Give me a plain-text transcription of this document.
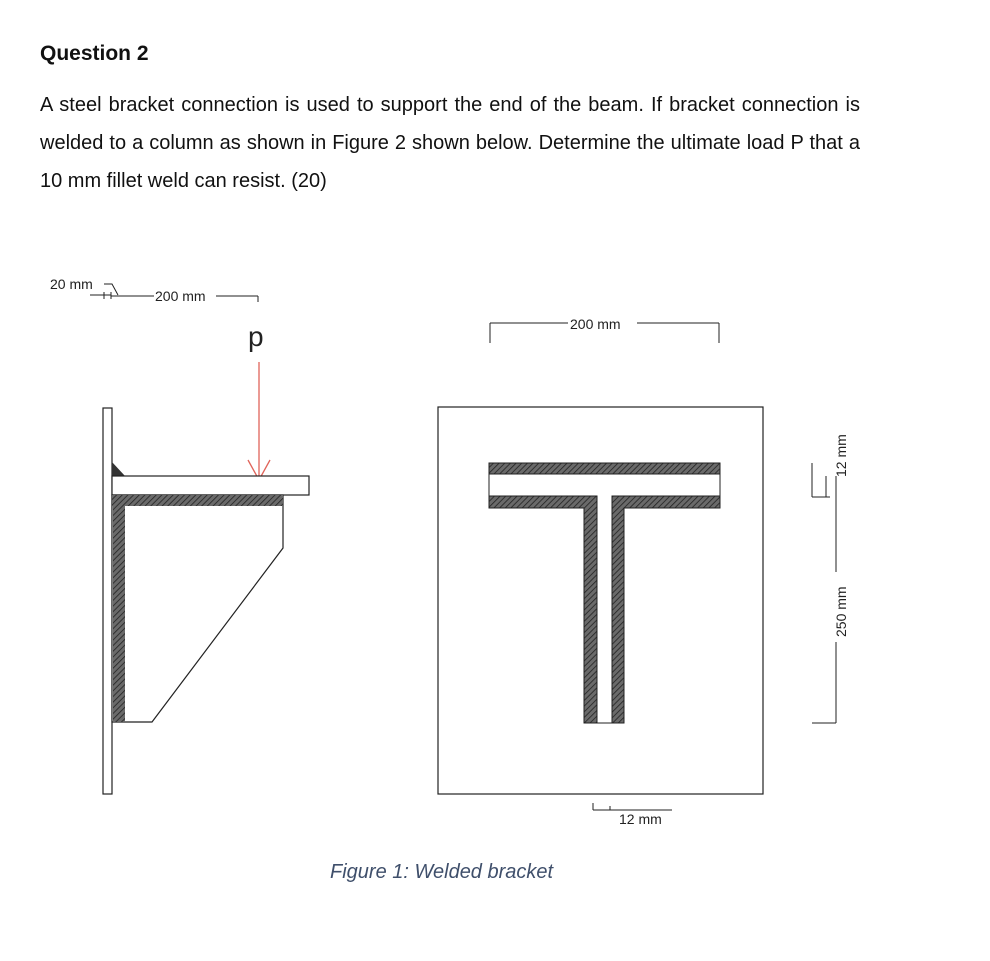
Question 2

A steel bracket connection is used to support the end of the beam. If bracket connection is welded to a column as shown in Figure 2 shown below. Determine the ultimate load P that a 10 mm fillet weld can resist. (20)

20 mm
200 mm
p	200 mm
12 mm
12 mm
250 mm

Figure 1: Welded bracket
